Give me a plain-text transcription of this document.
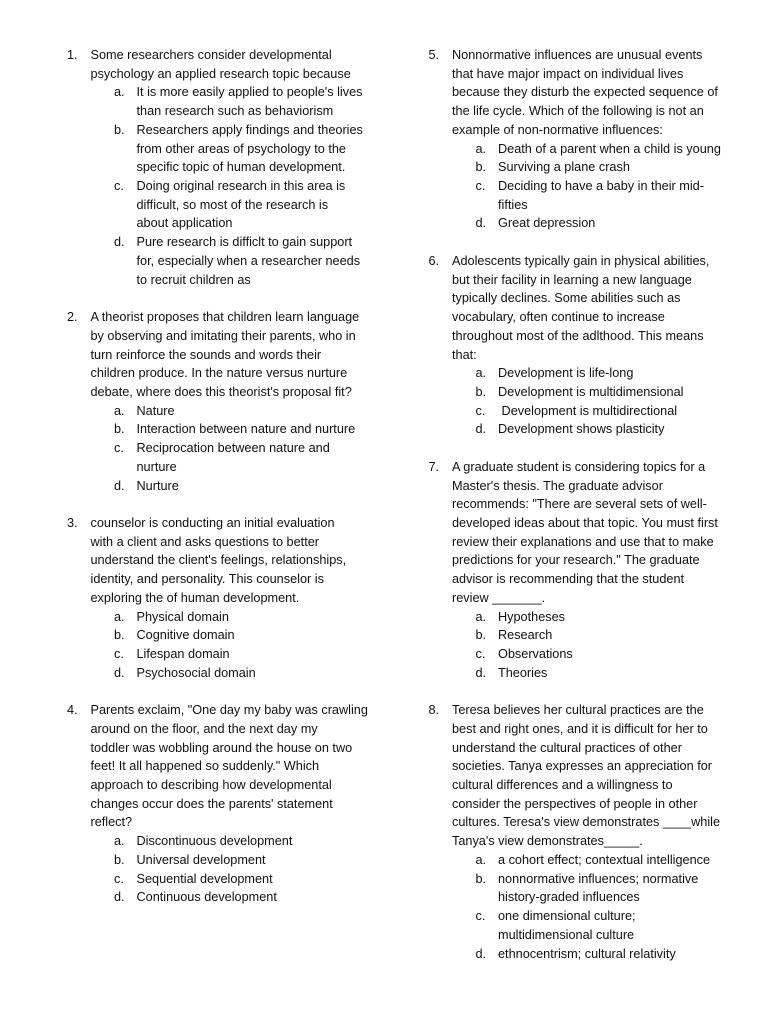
1. Some researchers consider developmental
psychology an applied research topic because
a. It is more easily applied to people's lives
than research such as behaviorism
b. Researchers apply findings and theories
from other areas of psychology to the
specific topic of human development.
c. Doing original research in this area is
difficult, so most of the research is
about application
d. Pure research is difficlt to gain support
for, especially when a researcher needs
to recruit children as
2. A theorist proposes that children learn language
by observing and imitating their parents, who in
turn reinforce the sounds and words their
children produce. In the nature versus nurture
debate, where does this theorist's proposal fit?
a. Nature
b. Interaction between nature and nurture
c. Reciprocation between nature and
nurture
d. Nurture
3. counselor is conducting an initial evaluation
with a client and asks questions to better
understand the client's feelings, relationships,
identity, and personality. This counselor is
exploring the of human development.
a. Physical domain
b. Cognitive domain
c. Lifespan domain
d. Psychosocial domain
4. Parents exclaim, "One day my baby was crawling
around on the floor, and the next day my
toddler was wobbling around the house on two
feet! It all happened so suddenly." Which
approach to describing how developmental
changes occur does the parents' statement
reflect?
a. Discontinuous development
b. Universal development
c. Sequential development
d. Continuous development
5. Nonnormative influences are unusual events
that have major impact on individual lives
because they disturb the expected sequence of
the life cycle. Which of the following is not an
example of non-normative influences:
a. Death of a parent when a child is young
b. Surviving a plane crash
c. Deciding to have a baby in their mid-
fifties
d. Great depression
6. Adolescents typically gain in physical abilities,
but their facility in learning a new language
typically declines. Some abilities such as
vocabulary, often continue to increase
throughout most of the adlthood. This means
that:
a. Development is life-long
b. Development is multidimensional
c. Development is multidirectional
d. Development shows plasticity
7. A graduate student is considering topics for a
Master's thesis. The graduate advisor
recommends: "There are several sets of well-
developed ideas about that topic. You must first
review their explanations and use that to make
predictions for your research." The graduate
advisor is recommending that the student
review _______.
a. Hypotheses
b. Research
c. Observations
d. Theories
8. Teresa believes her cultural practices are the
best and right ones, and it is difficult for her to
understand the cultural practices of other
societies. Tanya expresses an appreciation for
cultural differences and a willingness to
consider the perspectives of people in other
cultures. Teresa's view demonstrates ____while
Tanya's view demonstrates_____.
a. a cohort effect; contextual intelligence
b. nonnormative influences; normative
history-graded influences
c. one dimensional culture;
multidimensional culture
d. ethnocentrism; cultural relativity
